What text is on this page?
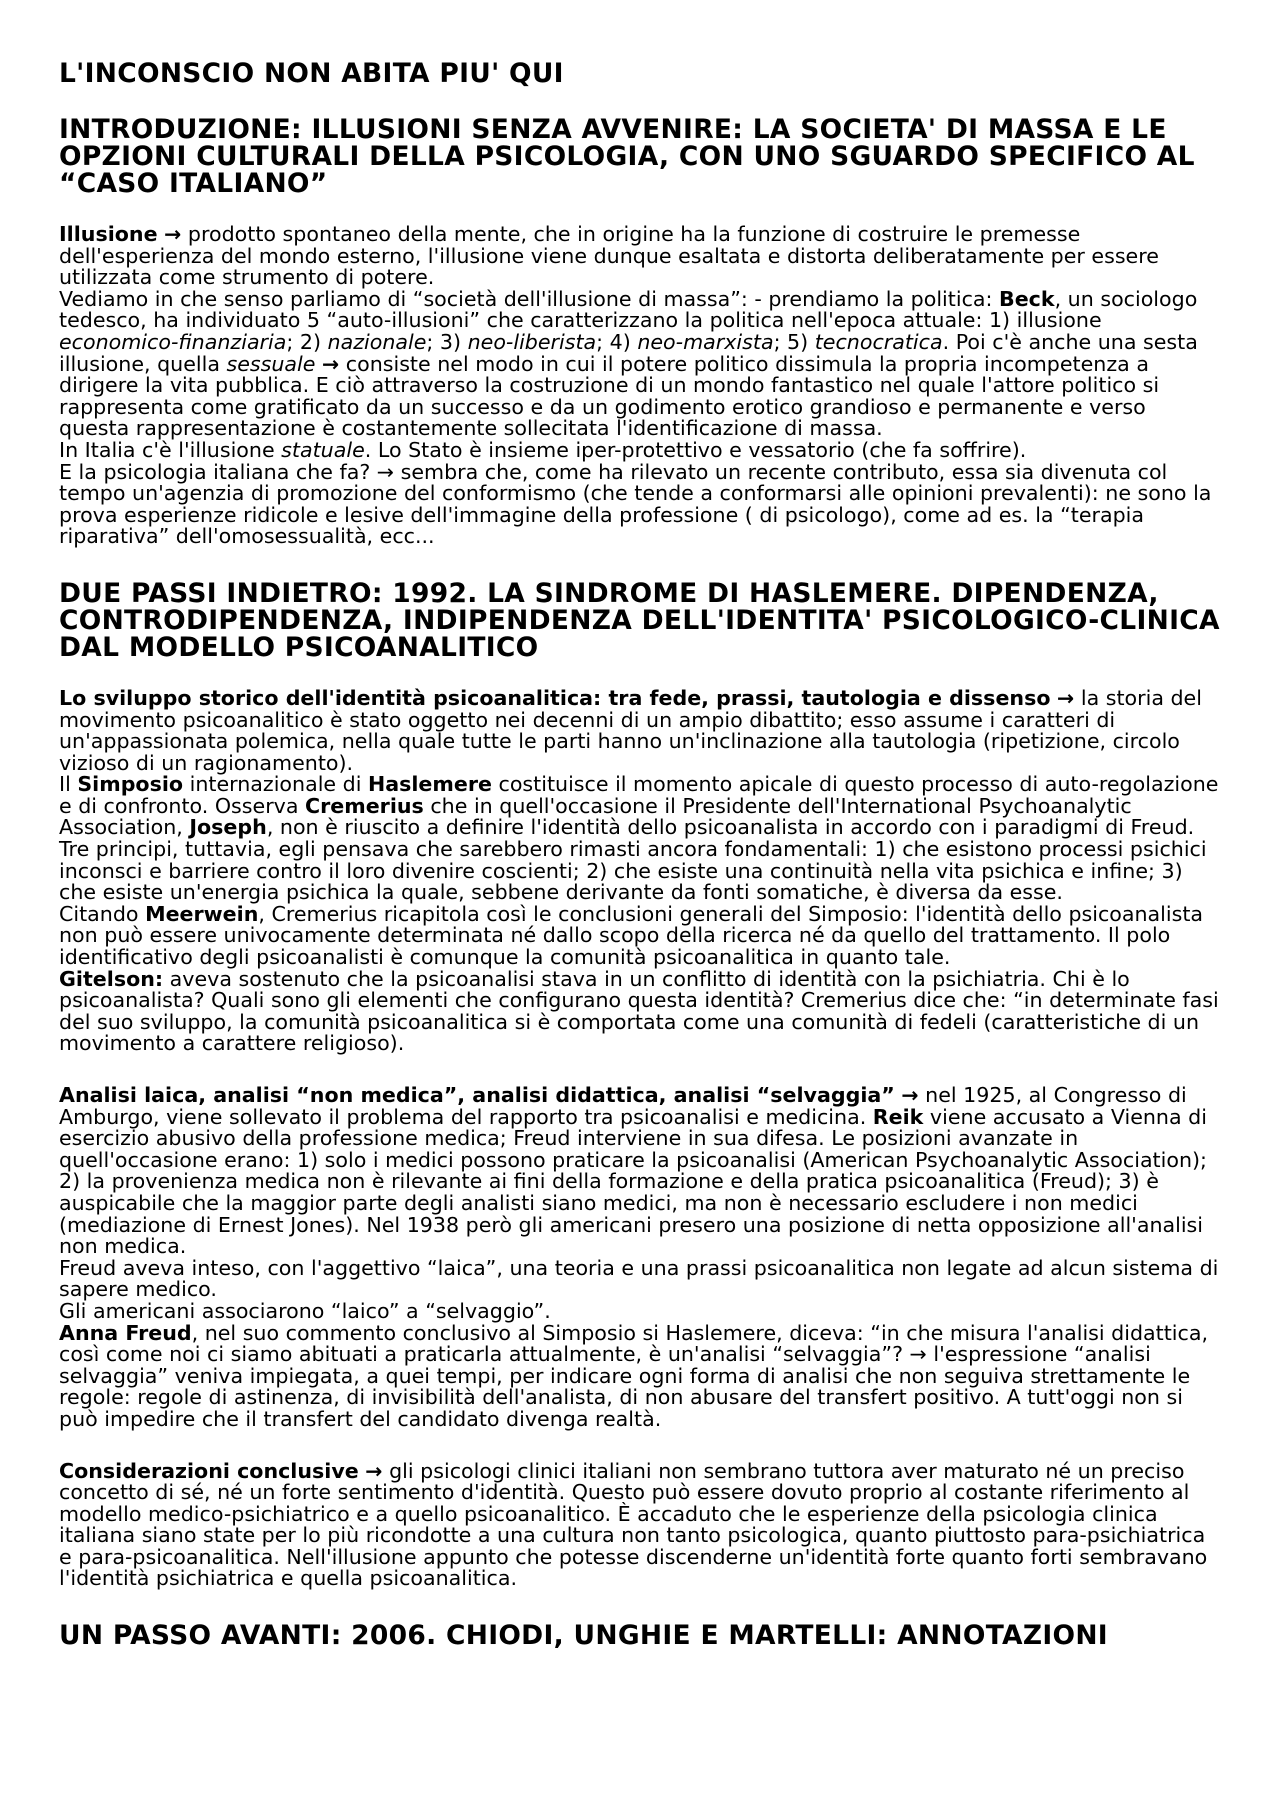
L'INCONSCIO NON ABITA PIU' QUI
INTRODUZIONE: ILLUSIONI SENZA AVVENIRE: LA SOCIETA' DI MASSA E LE OPZIONI CULTURALI DELLA PSICOLOGIA, CON UNO SGUARDO SPECIFICO AL “CASO ITALIANO”

Illusione → prodotto spontaneo della mente, che in origine ha la funzione di costruire le premesse dell'esperienza del mondo esterno, l'illusione viene dunque esaltata e distorta deliberatamente per essere utilizzata come strumento di potere.

Vediamo in che senso parliamo di “società dell'illusione di massa”: - prendiamo la politica: Beck, un sociologo tedesco, ha individuato 5 “auto-illusioni” che caratterizzano la politica nell'epoca attuale: 1) illusione economico-finanziaria; 2) nazionale; 3) neo-liberista; 4) neo-marxista; 5) tecnocratica. Poi c'è anche una sesta illusione, quella sessuale → consiste nel modo in cui il potere politico dissimula la propria incompetenza a dirigere la vita pubblica. E ciò attraverso la costruzione di un mondo fantastico nel quale l'attore politico si rappresenta come gratificato da un successo e da un godimento erotico grandioso e permanente e verso questa rappresentazione è costantemente sollecitata l'identificazione di massa.

In Italia c'è l'illusione statuale. Lo Stato è insieme iper-protettivo e vessatorio (che fa soffrire).

E la psicologia italiana che fa? → sembra che, come ha rilevato un recente contributo, essa sia divenuta col tempo un'agenzia di promozione del conformismo (che tende a conformarsi alle opinioni prevalenti): ne sono la prova esperienze ridicole e lesive dell'immagine della professione ( di psicologo), come ad es. la “terapia riparativa” dell'omosessualità, ecc...

DUE PASSI INDIETRO: 1992. LA SINDROME DI HASLEMERE. DIPENDENZA, CONTRODIPENDENZA, INDIPENDENZA DELL'IDENTITA' PSICOLOGICO-CLINICA DAL MODELLO PSICOANALITICO

Lo sviluppo storico dell'identità psicoanalitica: tra fede, prassi, tautologia e dissenso → la storia del movimento psicoanalitico è stato oggetto nei decenni di un ampio dibattito; esso assume i caratteri di un'appassionata polemica, nella quale tutte le parti hanno un'inclinazione alla tautologia (ripetizione, circolo vizioso di un ragionamento).

Il Simposio internazionale di Haslemere costituisce il momento apicale di questo processo di auto-regolazione e di confronto. Osserva Cremerius che in quell'occasione il Presidente dell'International Psychoanalytic Association, Joseph, non è riuscito a definire l'identità dello psicoanalista in accordo con i paradigmi di Freud. Tre principi, tuttavia, egli pensava che sarebbero rimasti ancora fondamentali: 1) che esistono processi psichici inconsci e barriere contro il loro divenire coscienti; 2) che esiste una continuità nella vita psichica e infine; 3) che esiste un'energia psichica la quale, sebbene derivante da fonti somatiche, è diversa da esse.

Citando Meerwein, Cremerius ricapitola così le conclusioni generali del Simposio: l'identità dello psicoanalista non può essere univocamente determinata né dallo scopo della ricerca né da quello del trattamento. Il polo identificativo degli psicoanalisti è comunque la comunità psicoanalitica in quanto tale.

Gitelson: aveva sostenuto che la psicoanalisi stava in un conflitto di identità con la psichiatria. Chi è lo psicoanalista? Quali sono gli elementi che configurano questa identità? Cremerius dice che: “in determinate fasi del suo sviluppo, la comunità psicoanalitica si è comportata come una comunità di fedeli (caratteristiche di un movimento a carattere religioso).

Analisi laica, analisi “non medica”, analisi didattica, analisi “selvaggia” → nel 1925, al Congresso di Amburgo, viene sollevato il problema del rapporto tra psicoanalisi e medicina. Reik viene accusato a Vienna di esercizio abusivo della professione medica; Freud interviene in sua difesa. Le posizioni avanzate in quell'occasione erano: 1) solo i medici possono praticare la psicoanalisi (American Psychoanalytic Association); 2) la provenienza medica non è rilevante ai fini della formazione e della pratica psicoanalitica (Freud); 3) è auspicabile che la maggior parte degli analisti siano medici, ma non è necessario escludere i non medici (mediazione di Ernest Jones). Nel 1938 però gli americani presero una posizione di netta opposizione all'analisi non medica.

Freud aveva inteso, con l'aggettivo “laica”, una teoria e una prassi psicoanalitica non legate ad alcun sistema di sapere medico.

Gli americani associarono “laico” a “selvaggio”.

Anna Freud, nel suo commento conclusivo al Simposio si Haslemere, diceva: “in che misura l'analisi didattica, così come noi ci siamo abituati a praticarla attualmente, è un'analisi “selvaggia”? → l'espressione “analisi selvaggia” veniva impiegata, a quei tempi, per indicare ogni forma di analisi che non seguiva strettamente le regole: regole di astinenza, di invisibilità dell'analista, di non abusare del transfert positivo. A tutt'oggi non si può impedire che il transfert del candidato divenga realtà.

Considerazioni conclusive → gli psicologi clinici italiani non sembrano tuttora aver maturato né un preciso concetto di sé, né un forte sentimento d'identità. Questo può essere dovuto proprio al costante riferimento al modello medico-psichiatrico e a quello psicoanalitico. È accaduto che le esperienze della psicologia clinica italiana siano state per lo più ricondotte a una cultura non tanto psicologica, quanto piuttosto para-psichiatrica e para-psicoanalitica. Nell'illusione appunto che potesse discenderne un'identità forte quanto forti sembravano l'identità psichiatrica e quella psicoanalitica.

UN PASSO AVANTI: 2006. CHIODI, UNGHIE E MARTELLI: ANNOTAZIONI
